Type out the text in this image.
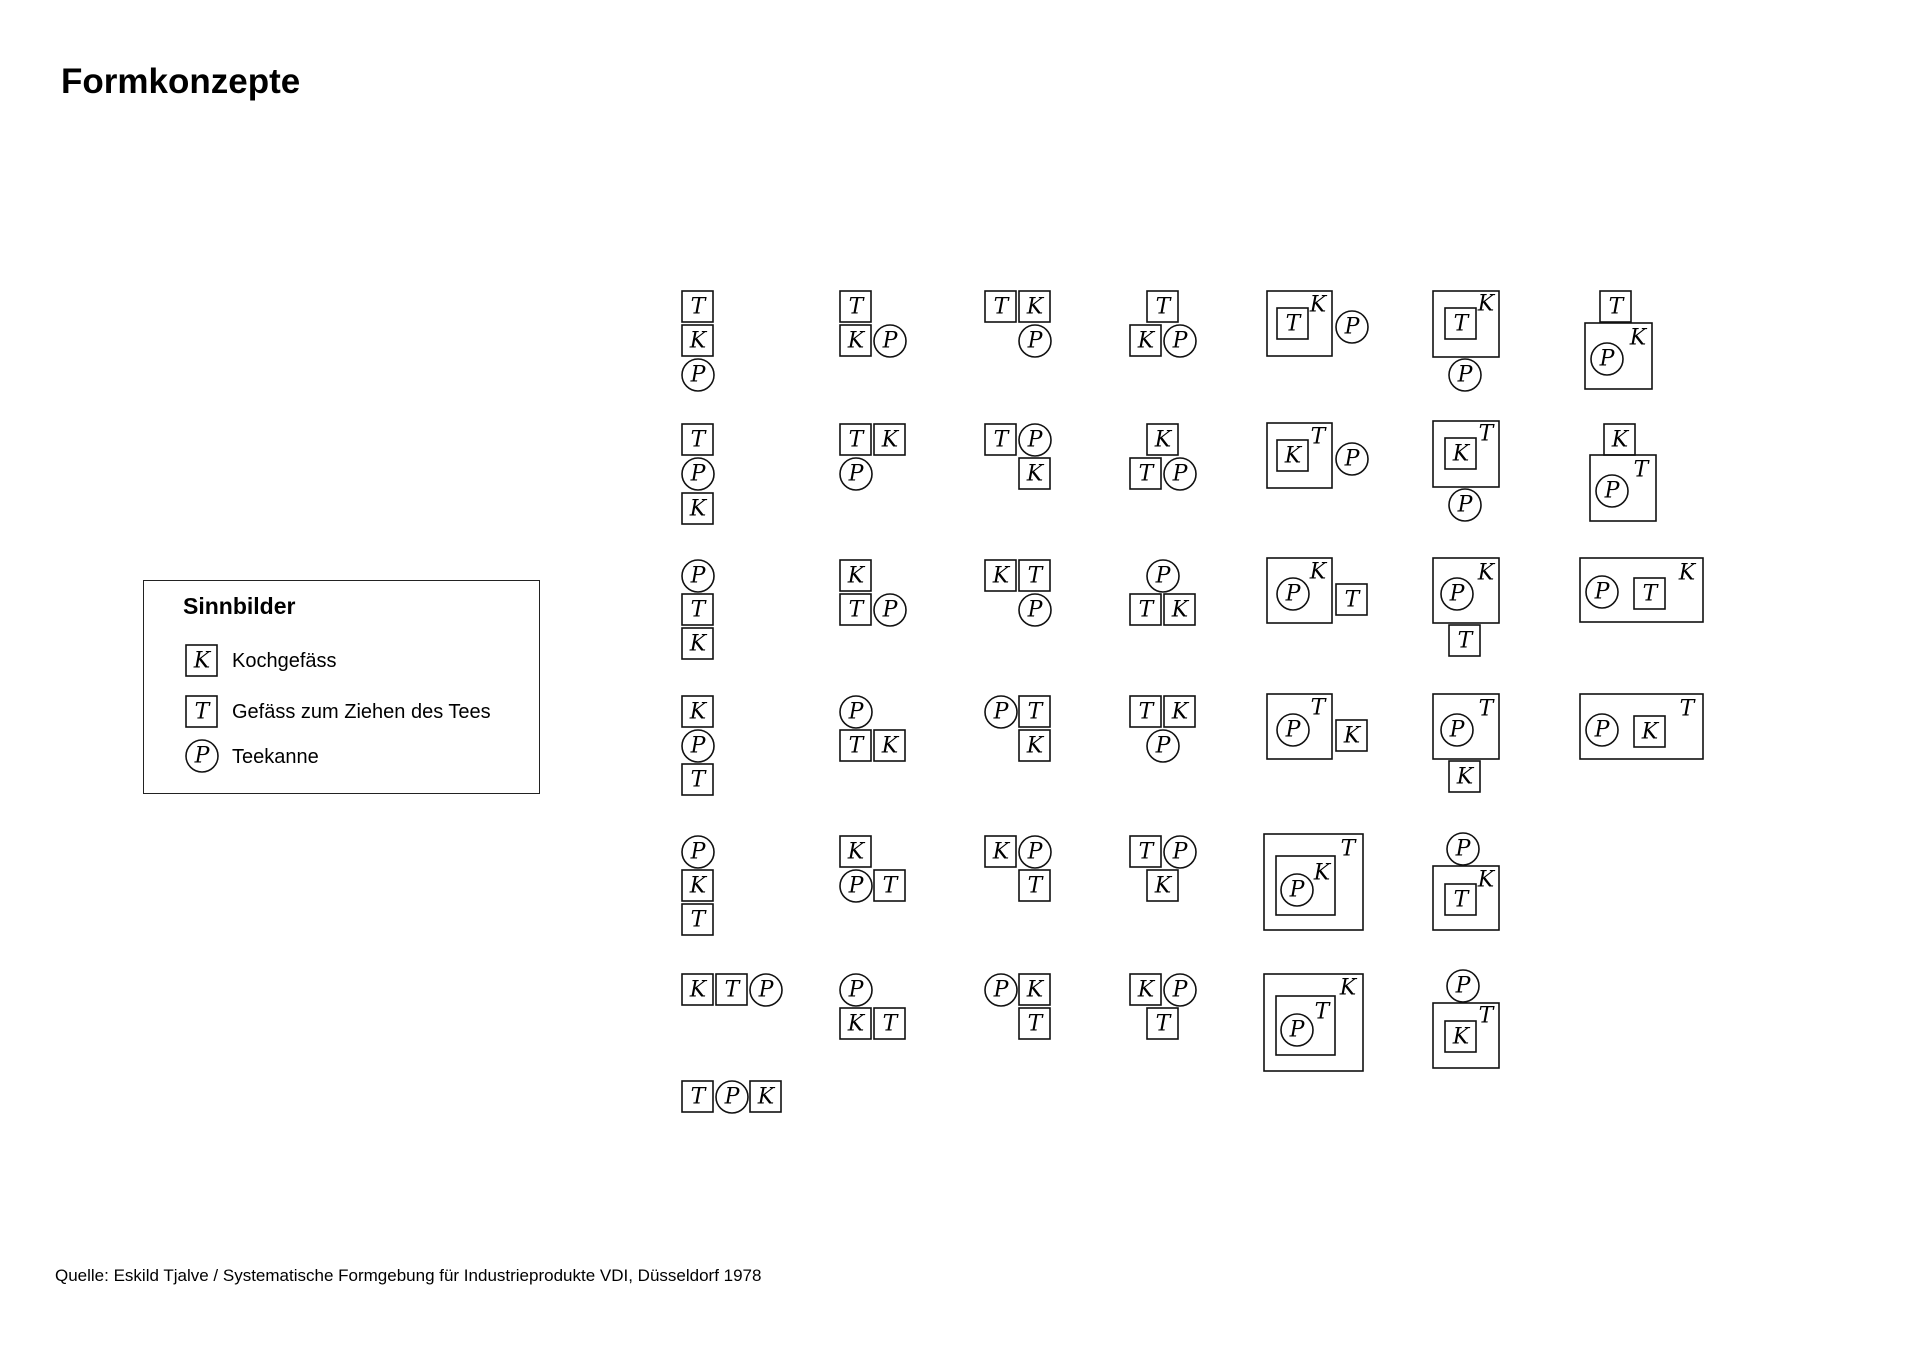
Formkonzepte
Sinnbilder
Kochgefäss
Gefäss zum Ziehen des Tees
Teekanne
K
T
P
T
K
P
T
P
K
P
T
K
K
P
T
P
K
T
K T P
T P K
T
K P
T K
P
K
T P
P
T K
K
P T
P
K T
T K
P
T P
K
K T
P
P T
K
K P
T
P K
T
T
K P
K
T P
P
T K
T K
P
T P
K
K P
T
T
K
P
K
T
P
P
K
T
P
T
K
P
K
T
P
T
K
T
K
P
K
T
P
P
K
T
P
T
K
P
T
K
P
K
T
T
P
K
K
P
T
P T
K
P K
T
Quelle: Eskild Tjalve / Systematische Formgebung für Industrieprodukte VDI, Düsseldorf 1978
